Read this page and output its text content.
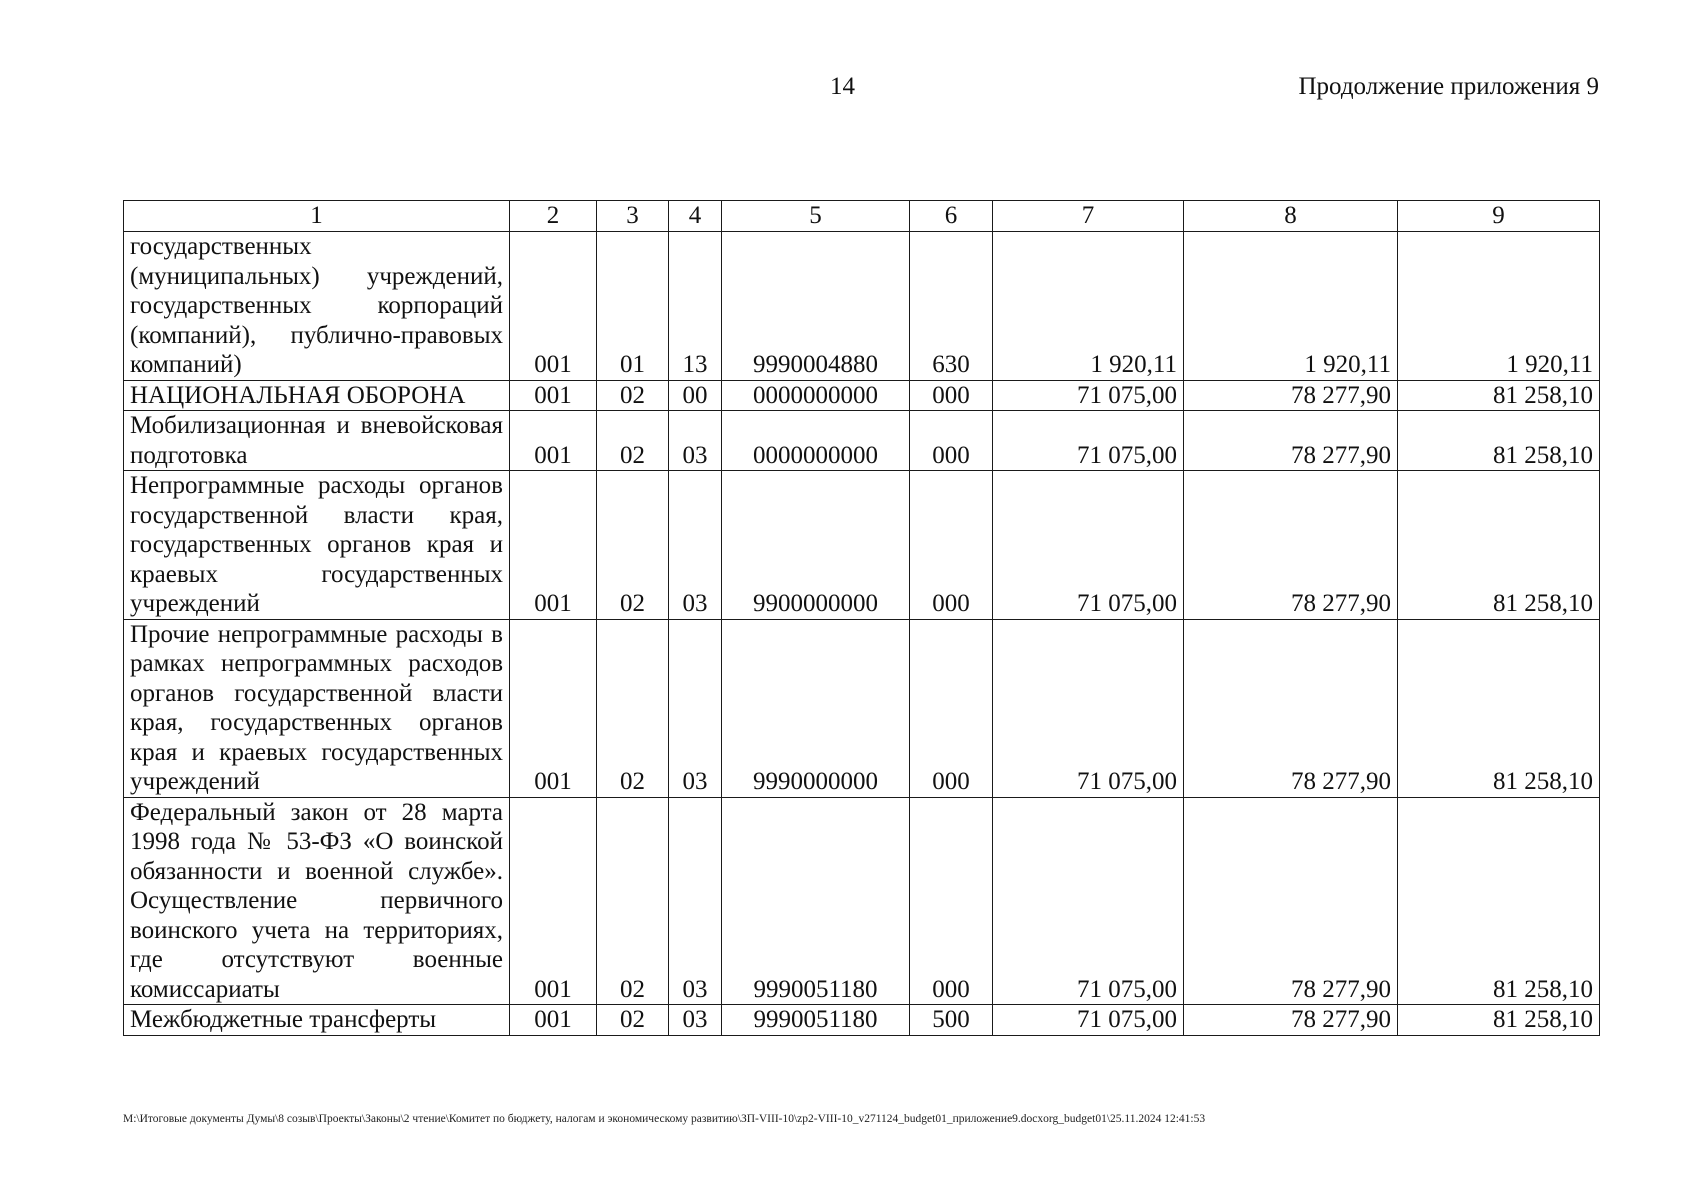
14	Продолжение приложения 9
1	2	3	4	5	6	7	8	9

государственных (муниципальных) учреждений, государственных корпораций (компаний), публично-правовых компаний)	001	01	13	9990004880	630	1 920,11	1 920,11	1 920,11

НАЦИОНАЛЬНАЯ ОБОРОНА	001	02	00	0000000000	000	71 075,00	78 277,90	81 258,10

Мобилизационная и вневойсковая подготовка	001	02	03	0000000000	000	71 075,00	78 277,90	81 258,10

Непрограммные расходы органов государственной власти края, государственных органов края и краевых государственных учреждений	001	02	03	9900000000	000	71 075,00	78 277,90	81 258,10

Прочие непрограммные расходы в рамках непрограммных расходов органов государственной власти края, государственных органов края и краевых государственных учреждений	001	02	03	9990000000	000	71 075,00	78 277,90	81 258,10

Федеральный закон от 28 марта 1998 года № 53-ФЗ «О воинской обязанности и военной службе». Осуществление первичного воинского учета на территориях, где отсутствуют военные комиссариаты	001	02	03	9990051180	000	71 075,00	78 277,90	81 258,10

Межбюджетные трансферты	001	02	03	9990051180	500	71 075,00	78 277,90	81 258,10
M:\Итоговые документы Думы\8 созыв\Проекты\Законы\2 чтение\Комитет по бюджету, налогам и экономическому развитию\ЗП-VIII-10\zp2-VIII-10_v271124_budget01_приложение9.docxorg_budget01\25.11.2024 12:41:53
